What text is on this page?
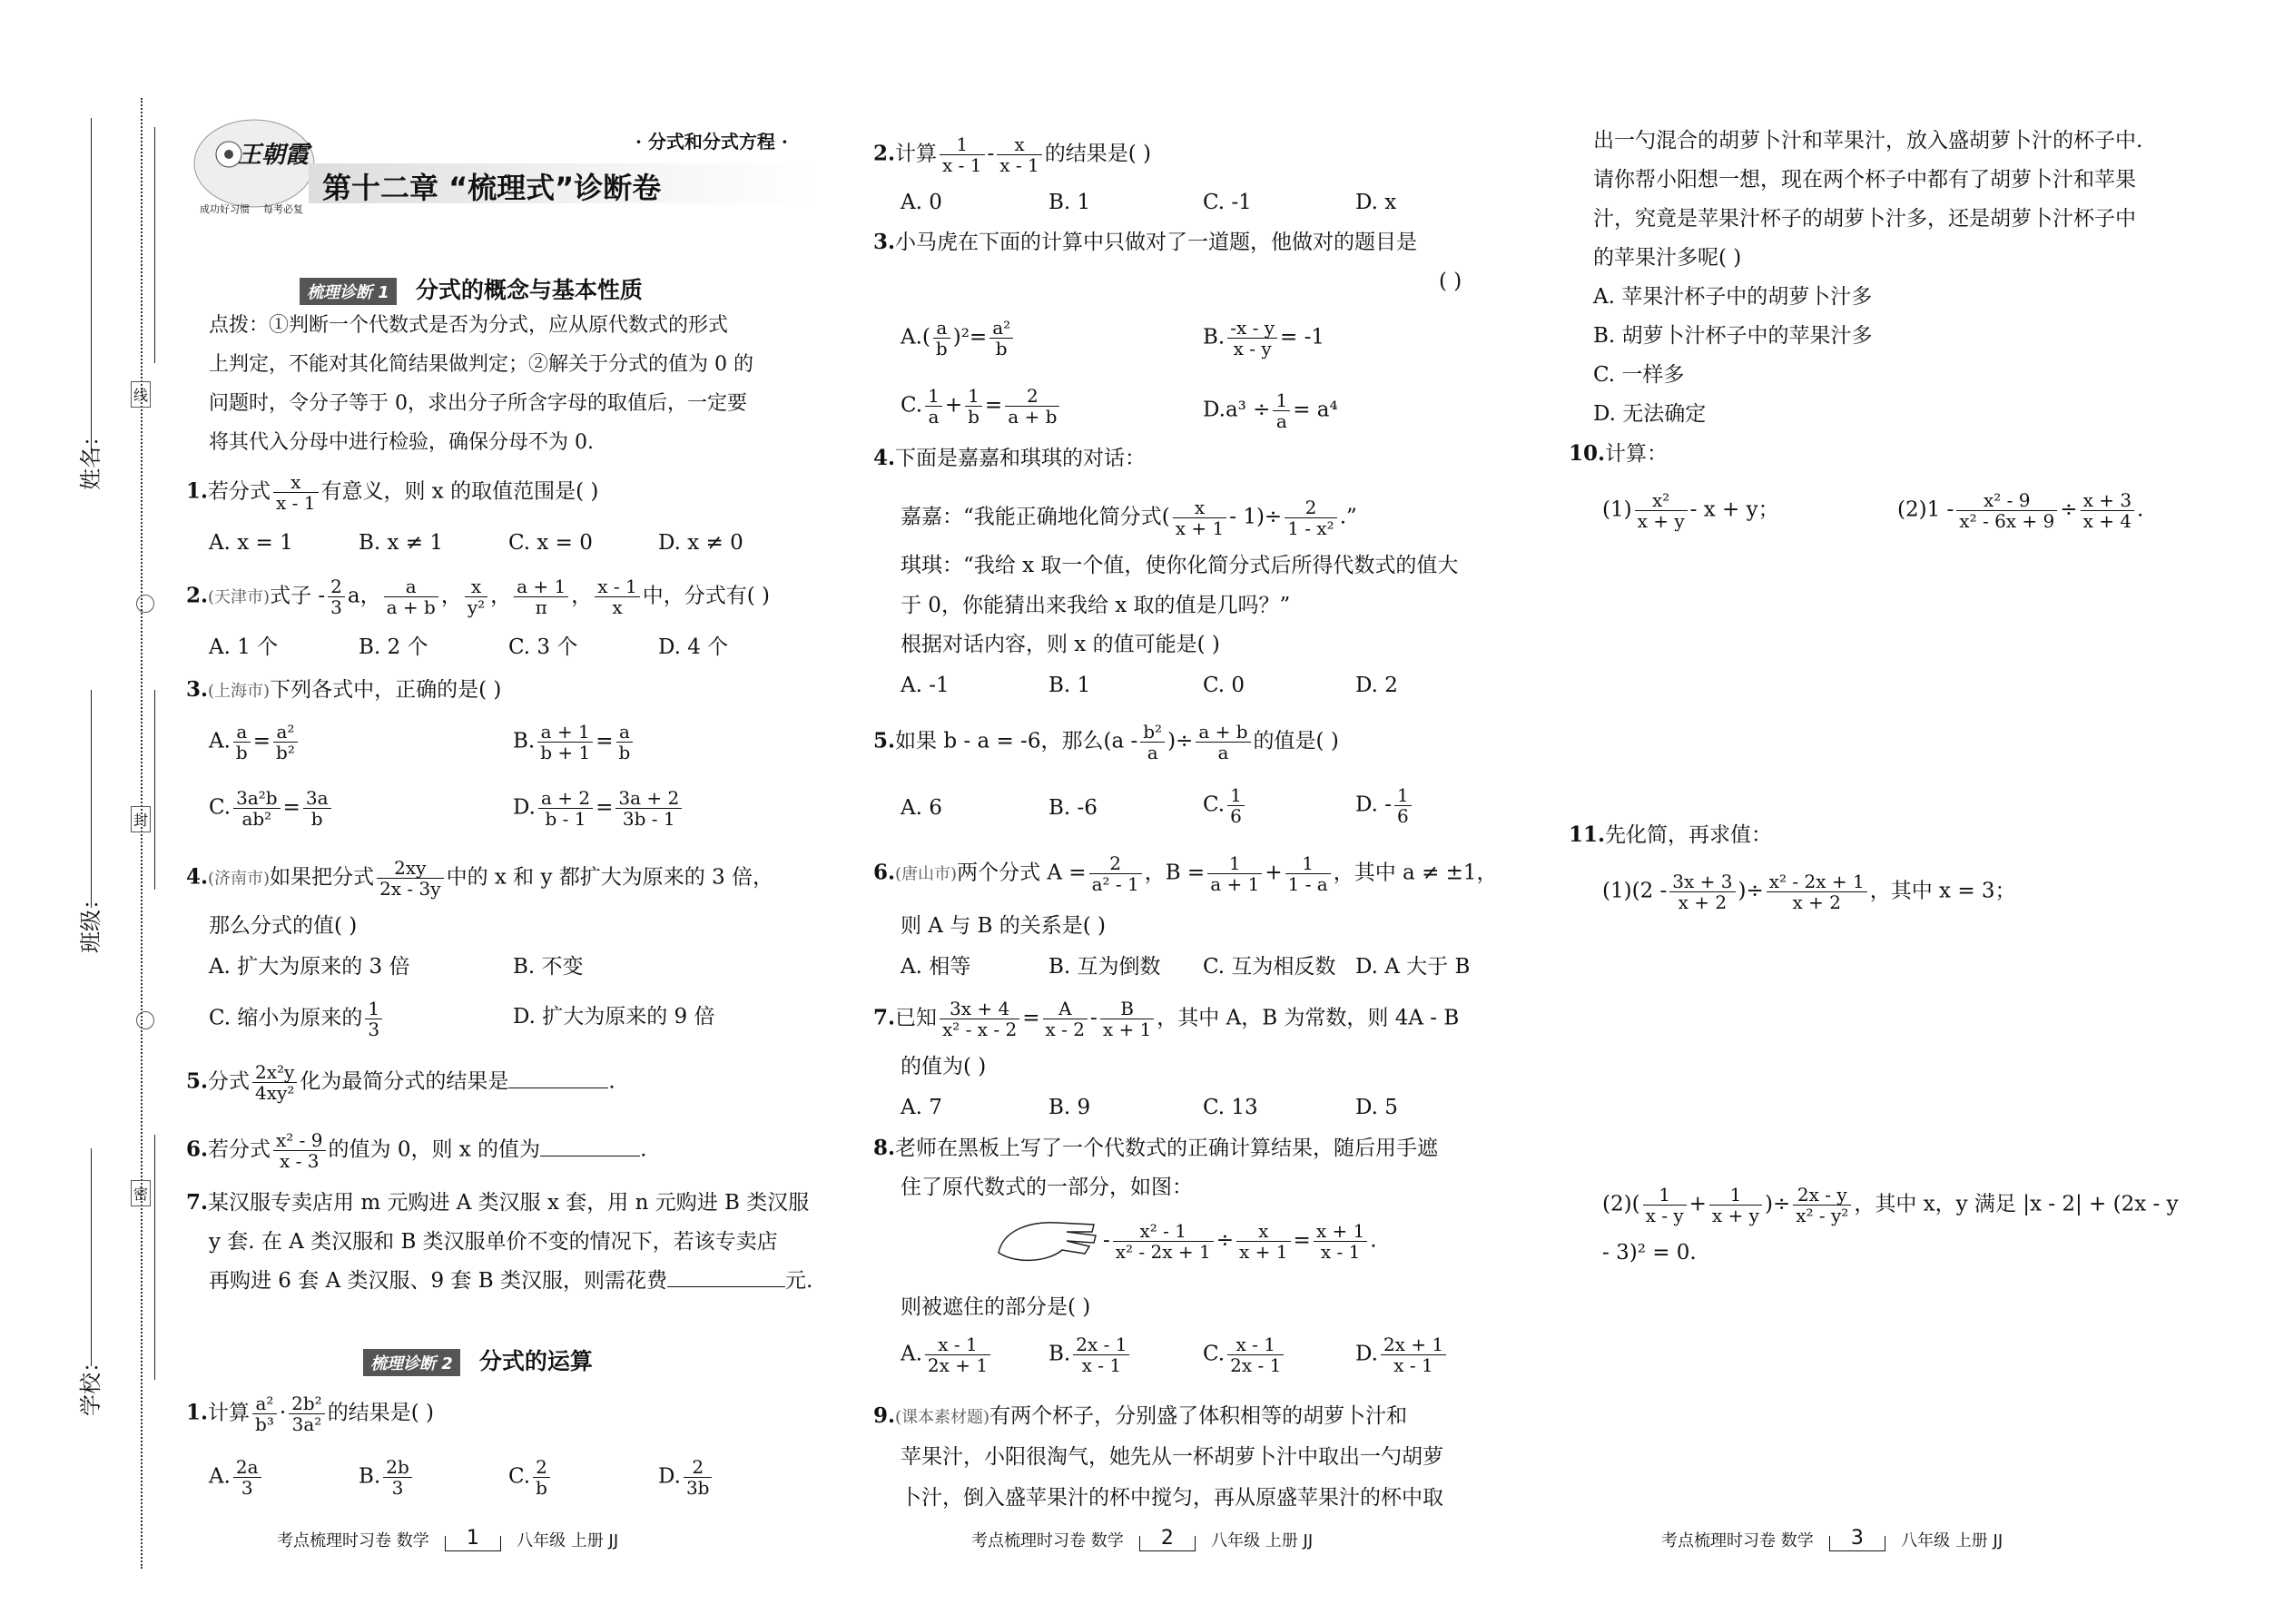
线
封
密
姓名：
班级：
学校：
王朝霞
成功好习惯 每考必复
· 分式和分式方程 ·
第十二章 “梳理式”诊断卷
梳理诊断 1 分式的概念与基本性质
点拨：①判断一个代数式是否为分式，应从原代数式的形式
上判定，不能对其化简结果做判定；②解关于分式的值为 0 的
问题时，令分子等于 0，求出分子所含字母的取值后，一定要
将其代入分母中进行检验，确保分母不为 0.
1.若分式 $\frac{x}{x - 1}$ 有意义，则 x 的取值范围是( )
A. x = 1	B. x ≠ 1	C. x = 0	D. x ≠ 0
2.(天津市)式子 - $\frac{2}{3}$ a， $\frac{a}{a + b}$ ， $\frac{x}{\text{y²}}$ ， $\frac{a + 1}{\pi}$ ， $\frac{x - 1}{x}$ 中，分式有( )
A. 1 个	B. 2 个	C. 3 个	D. 4 个
3.(上海市)下列各式中，正确的是( )
A. $\frac{a}{b} = \frac{\text{a²}}{\text{b²}}$	B. $\frac{a + 1}{b + 1} = \frac{a}{b}$
C. $\frac{\text{3a²b}}{\text{ab²}} = \frac{3a}{b}$	D. $\frac{a + 2}{b - 1} = \frac{3a + 2}{3b - 1}$
4.(济南市)如果把分式 $\frac{2xy}{2x - 3y}$ 中的 x 和 y 都扩大为原来的 3 倍，
那么分式的值( )
A. 扩大为原来的 3 倍	B. 不变
C. 缩小为原来的 $\frac{1}{3}$	D. 扩大为原来的 9 倍
5.分式 $\frac{\text{2x²y}}{\text{4xy²}}$ 化为最简分式的结果是	.
6.若分式 $\frac{\text{x² - 9}}{x - 3}$ 的值为 0，则 x 的值为	.
7.某汉服专卖店用 m 元购进 A 类汉服 x 套，用 n 元购进 B 类汉服
y 套. 在 A 类汉服和 B 类汉服单价不变的情况下，若该专卖店
再购进 6 套 A 类汉服、9 套 B 类汉服，则需花费	元.
梳理诊断 2 分式的运算
1.计算 $\frac{\text{a²}}{\text{b³}} \cdot \frac{\text{2b²}}{\text{3a²}}$ 的结果是( )
A. $\frac{2a}{3}$	B. $\frac{2b}{3}$	C. $\frac{2}{b}$	D. $\frac{2}{3b}$
2.计算 $\frac{1}{x - 1} - \frac{x}{x - 1}$ 的结果是( )
A. 0	B. 1	C. -1	D. x
3.小马虎在下面的计算中只做对了一道题，他做对的题目是
( )
$A.( \frac{a}{b} )^2= \frac{\text{a²}}{b}$	B. $\frac{-x - y}{x - y} = -1$
C. $\frac{1}{a} + \frac{1}{b} = \frac{2}{a + b}$	$D.a^3 \div \frac{1}{a} = a^4$
4.下面是嘉嘉和琪琪的对话：
嘉嘉：“我能正确地化简分式( $\frac{x}{x + 1} - 1)\div \frac{2}{\text{1 - x²}}$ .”
琪琪：“我给 x 取一个值，使你化简分式后所得代数式的值大
于 0，你能猜出来我给 x 取的值是几吗？”
根据对话内容，则 x 的值可能是( )
A. -1	B. 1	C. 0	D. 2
5.如果 b - a = -6，那么($a - \frac{\text{b²}}{a}$ )÷ $\frac{a + b}{a}$ 的值是( )
A. 6	B. -6	C. $\frac{1}{6}$	D. - $\frac{1}{6}$
6.(唐山市)两个分式 $A = \frac{2}{\text{a² - 1}}$ ，$B = \frac{1}{a + 1} + \frac{1}{1 - a}$ ，其中 a ≠ ±1，
则 A 与 B 的关系是( )
A. 相等	B. 互为倒数 C. 互为相反数 D. A 大于 B
7.已知 $\frac{3x + 4}{\text{x² - x - 2}} = \frac{A}{x - 2} - \frac{B}{x + 1}$ ，其中 A，B 为常数，则 4A - B
的值为( )
A. 7	B. 9	C. 13	D. 5
8.老师在黑板上写了一个代数式的正确计算结果，随后用手遮
住了原代数式的一部分，如图：
- $\frac{\text{x² - 1}}{\text{x² - 2x + 1}} \div \frac{x}{x + 1} = \frac{x + 1}{x - 1}$ .
则被遮住的部分是( )
A. $\frac{x - 1}{2x + 1}$	B. $\frac{2x - 1}{x - 1}$	C. $\frac{x - 1}{2x - 1}$	D. $\frac{2x + 1}{x - 1}$
9.(课本素材题)有两个杯子，分别盛了体积相等的胡萝卜汁和
苹果汁，小阳很淘气，她先从一杯胡萝卜汁中取出一勺胡萝
卜汁，倒入盛苹果汁的杯中搅匀，再从原盛苹果汁的杯中取
出一勺混合的胡萝卜汁和苹果汁，放入盛胡萝卜汁的杯子中.
请你帮小阳想一想，现在两个杯子中都有了胡萝卜汁和苹果
汁，究竟是苹果汁杯子的胡萝卜汁多，还是胡萝卜汁杯子中
的苹果汁多呢( )
A. 苹果汁杯子中的胡萝卜汁多
B. 胡萝卜汁杯子中的苹果汁多
C. 一样多
D. 无法确定
10.计算：
$(1) \frac{\text{x²}}{x + y} - x + y$；	$(2)1 - \frac{\text{x² - 9}}{\text{x² - 6x + 9}} \div \frac{x + 3}{x + 4}$ .
11.先化简，再求值：
$(1)(2 - \frac{3x + 3}{x + 2}$ )÷ $\frac{\text{x² - 2x + 1}}{x + 2}$ ，其中 x = 3；
$(2)( \frac{1}{x - y} + \frac{1}{x + y}$ )÷ $\frac{2x - y}{\text{x² - y²}}$ ，其中 x，y 满足 |x - 2| + (2x - y
- 3)² = 0.
考点梳理时习卷 数学 1 八年级 上册 JJ	考点梳理时习卷 数学 2 八年级 上册 JJ	考点梳理时习卷 数学 3 八年级 上册 JJ
